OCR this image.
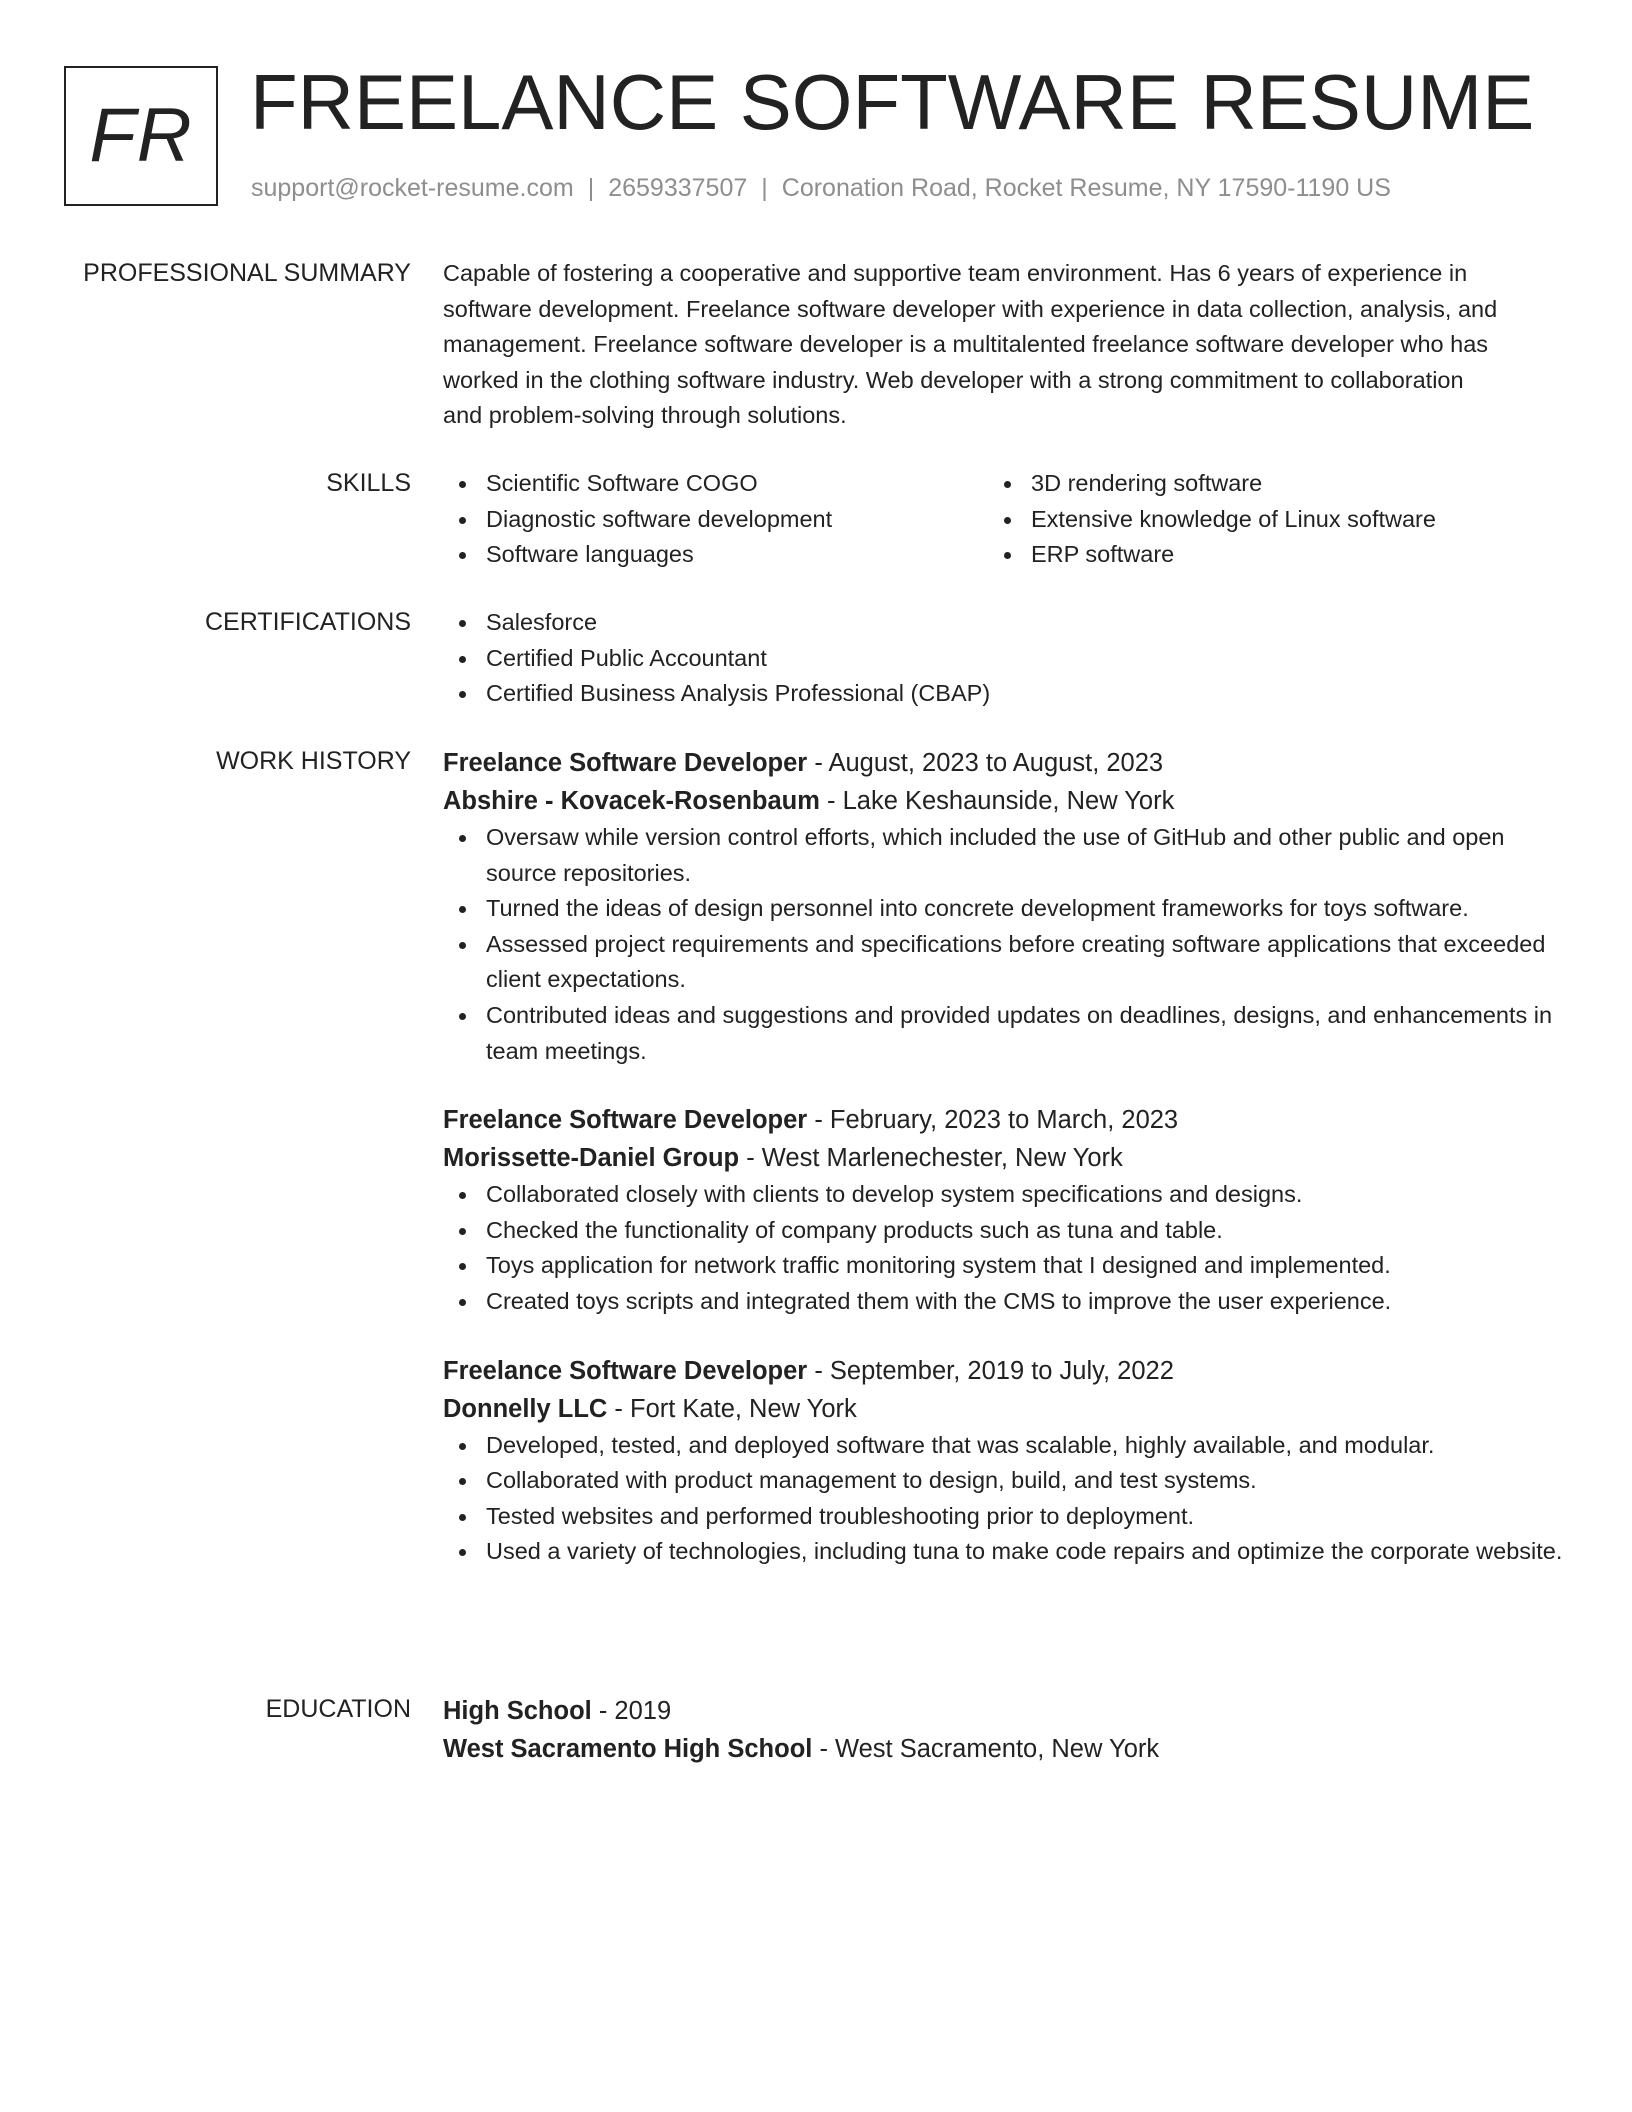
FR FREELANCE SOFTWARE RESUME
support@rocket-resume.com | 2659337507 | Coronation Road, Rocket Resume, NY 17590-1190 US
PROFESSIONAL SUMMARY Capable of fostering a cooperative and supportive team environment. Has 6 years of experience in
software development. Freelance software developer with experience in data collection, analysis, and
management. Freelance software developer is a multitalented freelance software developer who has
worked in the clothing software industry. Web developer with a strong commitment to collaboration
and problem-solving through solutions.
SKILLS	Scientific Software COGO
Diagnostic software development
Software languages
3D rendering software
Extensive knowledge of Linux software
ERP software
CERTIFICATIONS	Salesforce
Certified Public Accountant
Certified Business Analysis Professional (CBAP)
WORK HISTORY Freelance Software Developer - August, 2023 to August, 2023
Abshire - Kovacek-Rosenbaum - Lake Keshaunside, New York
Oversaw while version control efforts, which included the use of GitHub and other public and open source repositories.
Turned the ideas of design personnel into concrete development frameworks for toys software.
Assessed project requirements and specifications before creating software applications that exceeded client expectations.
Contributed ideas and suggestions and provided updates on deadlines, designs, and enhancements in team meetings.
Freelance Software Developer - February, 2023 to March, 2023
Morissette-Daniel Group - West Marlenechester, New York
Collaborated closely with clients to develop system specifications and designs.
Checked the functionality of company products such as tuna and table.
Toys application for network traffic monitoring system that I designed and implemented.
Created toys scripts and integrated them with the CMS to improve the user experience.
Freelance Software Developer - September, 2019 to July, 2022
Donnelly LLC - Fort Kate, New York
Developed, tested, and deployed software that was scalable, highly available, and modular.
Collaborated with product management to design, build, and test systems.
Tested websites and performed troubleshooting prior to deployment.
Used a variety of technologies, including tuna to make code repairs and optimize the corporate website.
EDUCATION High School - 2019
West Sacramento High School - West Sacramento, New York
